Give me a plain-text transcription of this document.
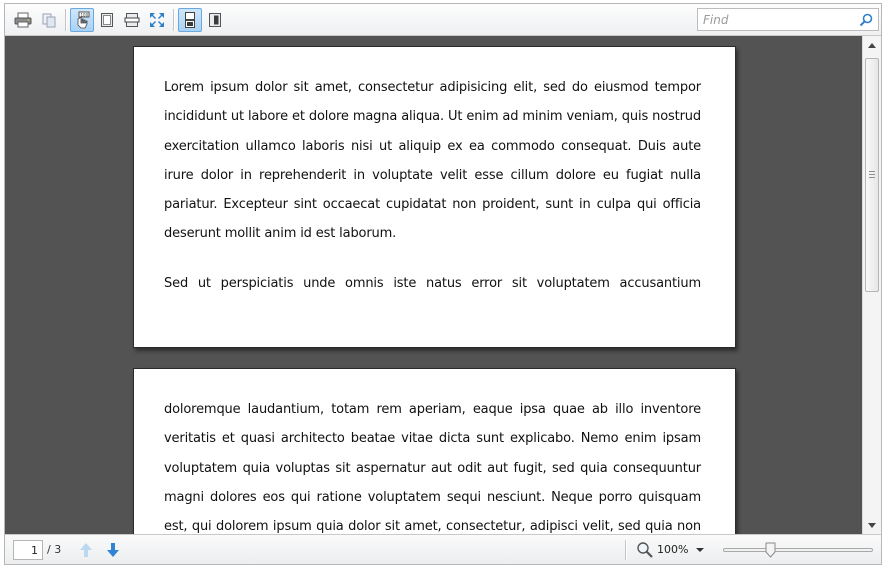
100
Find

Lorem ipsum dolor sit amet, consectetur adipisicing elit, sed do eiusmod tempor incididunt ut labore et dolore magna aliqua. Ut enim ad minim veniam, quis nostrud exercitation ullamco laboris nisi ut aliquip ex ea commodo consequat. Duis aute irure dolor in reprehenderit in voluptate velit esse cillum dolore eu fugiat nulla pariatur. Excepteur sint occaecat cupidatat non proident, sunt in culpa qui officia deserunt mollit anim id est laborum.

Sed ut perspiciatis unde omnis iste natus error sit voluptatem accusantium

doloremque laudantium, totam rem aperiam, eaque ipsa quae ab illo inventore veritatis et quasi architecto beatae vitae dicta sunt explicabo. Nemo enim ipsam voluptatem quia voluptas sit aspernatur aut odit aut fugit, sed quia consequuntur magni dolores eos qui ratione voluptatem sequi nesciunt. Neque porro quisquam est, qui dolorem ipsum quia dolor sit amet, consectetur, adipisci velit, sed quia non

1
/ 3	100%
